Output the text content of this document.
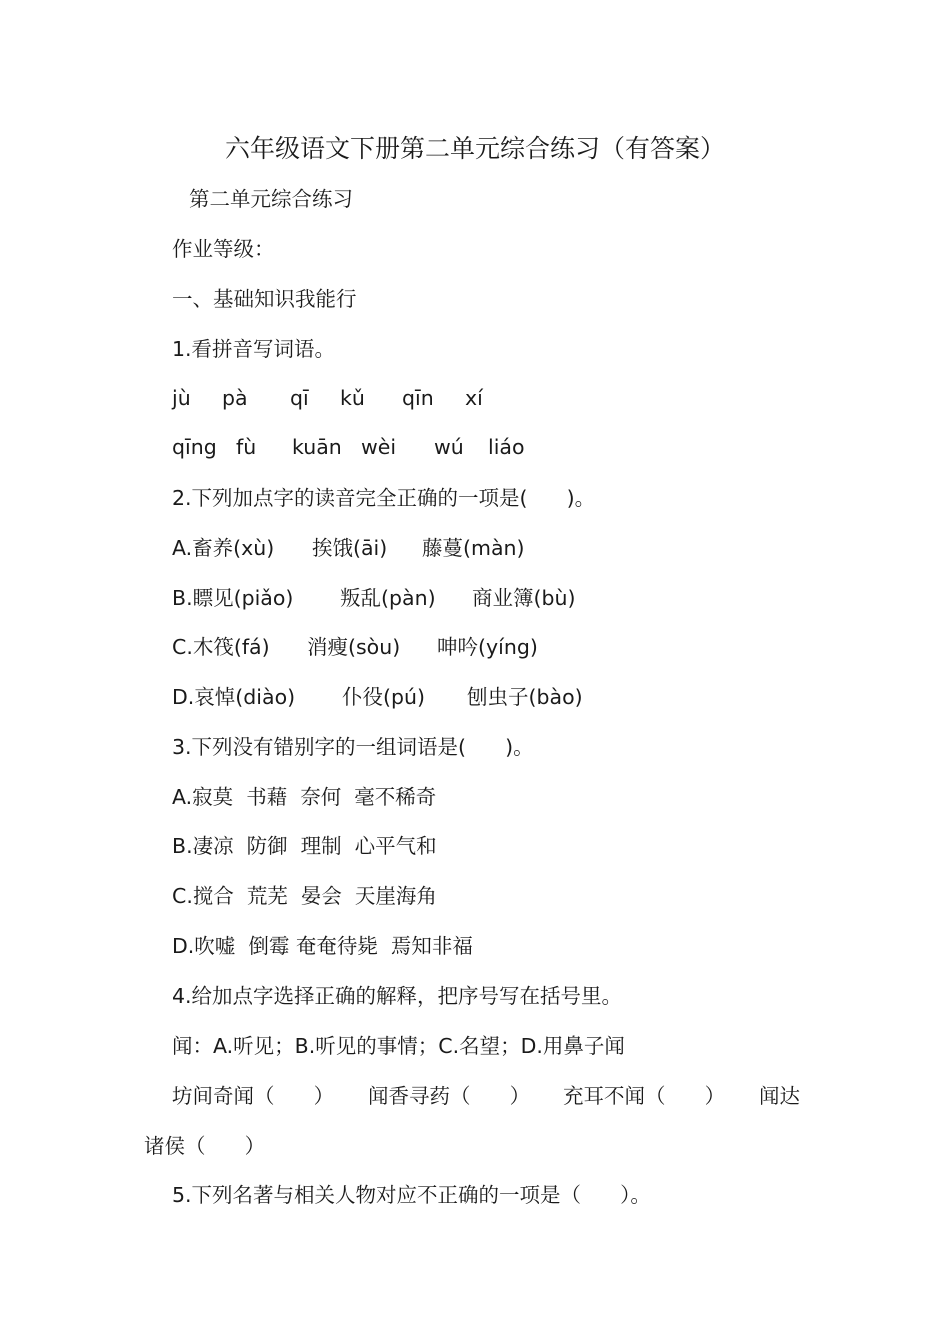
六年级语文下册第二单元综合练习（有答案）
第二单元综合练习
作业等级：
一、基础知识我能行
1.看拼音写词语。
jù pà qī kǔ qīn xí
qīng fù kuān wèi wú liáo
2.下列加点字的读音完全正确的一项是(      )。
A.畜养(xù) 挨饿(āi) 藤蔓(màn)
B.瞟见(piǎo) 叛乱(pàn) 商业簿(bù)
C.木筏(fá) 消瘦(sòu) 呻吟(yíng)
D.哀悼(diào) 仆役(pú) 刨虫子(bào)
3.下列没有错别字的一组词语是(      )。
A.寂莫  书藉  奈何  毫不稀奇
B.凄凉  防御  理制  心平气和
C.搅合  荒芜  晏会  天崖海角
D.吹嘘  倒霉 奄奄待毙  焉知非福
4.给加点字选择正确的解释，把序号写在括号里。
闻：A.听见；B.听见的事情；C.名望；D.用鼻子闻
坊间奇闻（      ） 闻香寻药（      ） 充耳不闻（      ） 闻达
诸侯（      ）
5.下列名著与相关人物对应不正确的一项是（      ）。
